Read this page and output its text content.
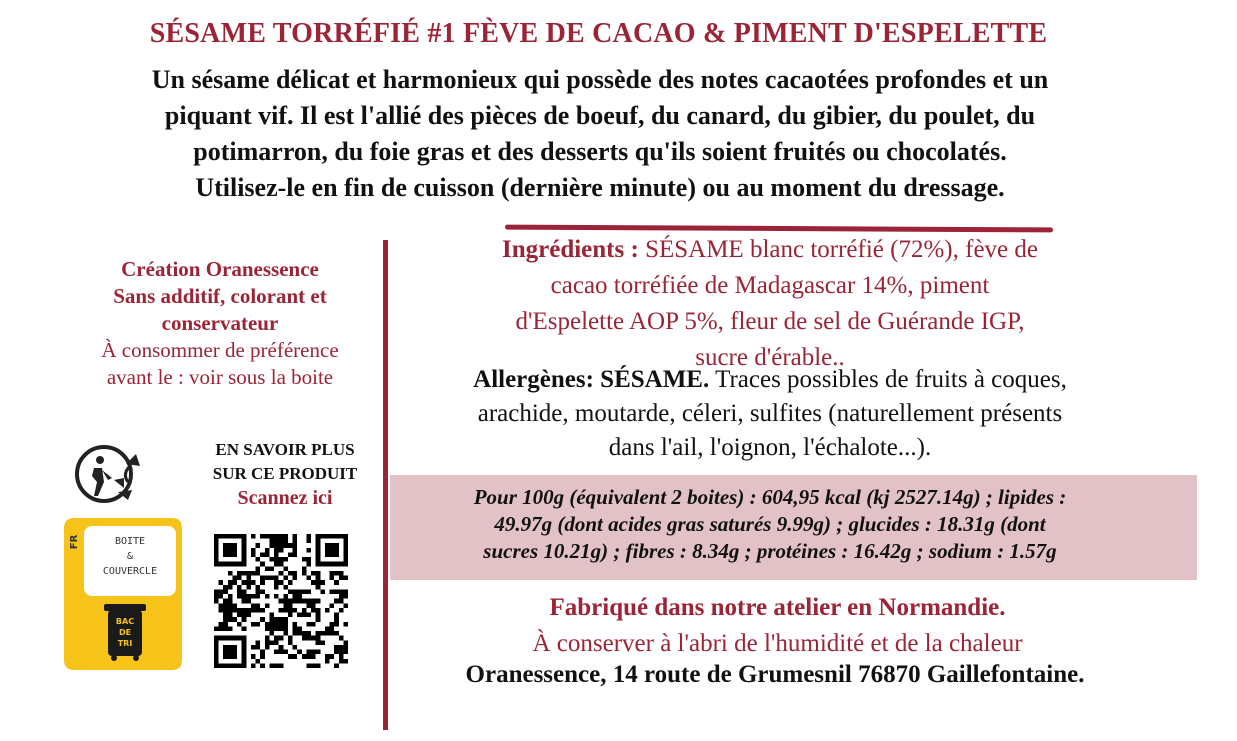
SÉSAME TORRÉFIÉ #1 FÈVE DE CACAO & PIMENT D'ESPELETTE
Un sésame délicat et harmonieux qui possède des notes cacaotées profondes et un
piquant vif. Il est l'allié des pièces de boeuf, du canard, du gibier, du poulet, du
potimarron, du foie gras et des desserts qu'ils soient fruités ou chocolatés.
Utilisez-le en fin de cuisson (dernière minute) ou au moment du dressage.
Création Oranessence
Sans additif, colorant et
conservateur
À consommer de préférence
avant le : voir sous la boite
EN SAVOIR PLUS
SUR CE PRODUIT
Scannez ici
BOITE
&
COUVERCLE
FR
BAC
DE
TRI
Ingrédients : SÉSAME blanc torréfié (72%), fève de
cacao torréfiée de Madagascar 14%, piment
d'Espelette AOP 5%, fleur de sel de Guérande IGP,
sucre d'érable..
Allergènes: SÉSAME. Traces possibles de fruits à coques,
arachide, moutarde, céleri, sulfites (naturellement présents
dans l'ail, l'oignon, l'échalote...).
Pour 100g (équivalent 2 boites) : 604,95 kcal (kj 2527.14g) ; lipides :
49.97g (dont acides gras saturés 9.99g) ; glucides : 18.31g (dont
sucres 10.21g) ; fibres : 8.34g ; protéines : 16.42g ; sodium : 1.57g
Fabriqué dans notre atelier en Normandie.
À conserver à l'abri de l'humidité et de la chaleur
Oranessence, 14 route de Grumesnil 76870 Gaillefontaine.
